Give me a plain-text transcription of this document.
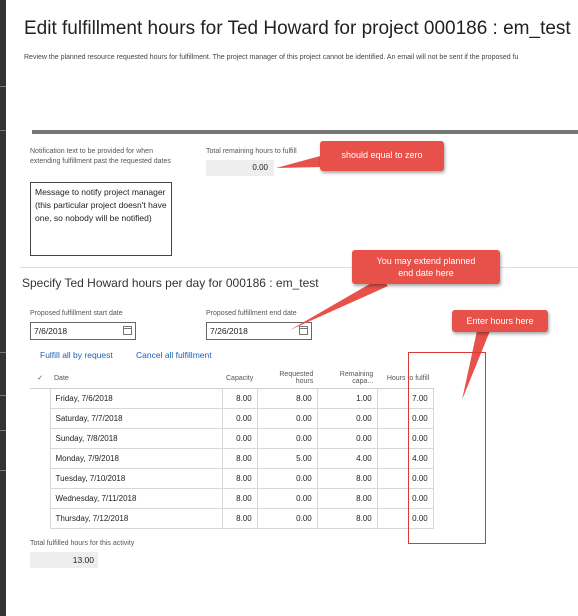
Edit fulfillment hours for Ted Howard for project 000186 : em_test
Review the planned resource requested hours for fulfillment. The project manager of this project cannot be identified. An email will not be sent if the proposed fu
Notification text to be provided for when extending fulfillment past the requested dates
Message to notify project manager (this particular project doesn't have one, so nobody will be notified)
Total remaining hours to fulfill
0.00
Specify Ted Howard hours per day for 000186 : em_test
Proposed fulfillment start date
7/6/2018
Proposed fulfillment end date
7/26/2018
Fulfill all by request	Cancel all fulfillment
✓	Date	Capacity	Requested hours	Remaining capa...	Hours to fulfill
	Friday, 7/6/2018	8.00	8.00	1.00	7.00
	Saturday, 7/7/2018	0.00	0.00	0.00	0.00
	Sunday, 7/8/2018	0.00	0.00	0.00	0.00
	Monday, 7/9/2018	8.00	5.00	4.00	4.00
	Tuesday, 7/10/2018	8.00	0.00	8.00	0.00
	Wednesday, 7/11/2018	8.00	0.00	8.00	0.00
	Thursday, 7/12/2018	8.00	0.00	8.00	0.00
Total fulfilled hours for this activity
13.00
should equal to zero
You may extend planned end date here
Enter hours here
